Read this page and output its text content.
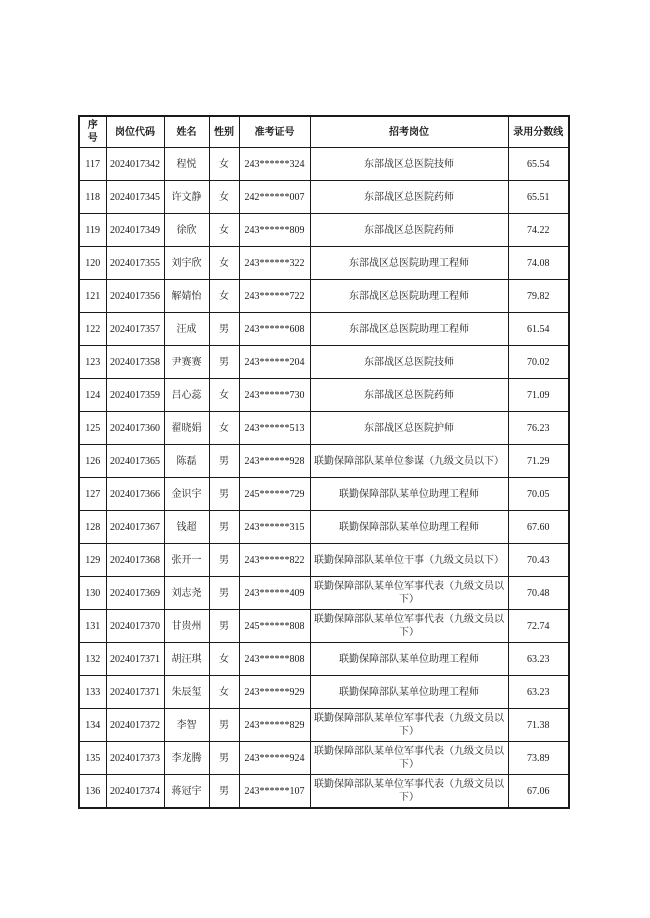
序号	岗位代码	姓名	性别	准考证号	招考岗位	录用分数线
117	2024017342	程悦	女	243******324	东部战区总医院技师	65.54
118	2024017345	许文静	女	242******007	东部战区总医院药师	65.51
119	2024017349	徐欣	女	243******809	东部战区总医院药师	74.22
120	2024017355	刘宇欣	女	243******322	东部战区总医院助理工程师	74.08
121	2024017356	解婧怡	女	243******722	东部战区总医院助理工程师	79.82
122	2024017357	汪成	男	243******608	东部战区总医院助理工程师	61.54
123	2024017358	尹赛赛	男	243******204	东部战区总医院技师	70.02
124	2024017359	吕心蕊	女	243******730	东部战区总医院药师	71.09
125	2024017360	翟晓娟	女	243******513	东部战区总医院护师	76.23
126	2024017365	陈磊	男	243******928	联勤保障部队某单位参谋（九级文员以下）	71.29
127	2024017366	金识宇	男	245******729	联勤保障部队某单位助理工程师	70.05
128	2024017367	钱超	男	243******315	联勤保障部队某单位助理工程师	67.60
129	2024017368	张开一	男	243******822	联勤保障部队某单位干事（九级文员以下）	70.43
130	2024017369	刘志尧	男	243******409	联勤保障部队某单位军事代表（九级文员以下）	70.48
131	2024017370	甘贵州	男	245******808	联勤保障部队某单位军事代表（九级文员以下）	72.74
132	2024017371	胡汪琪	女	243******808	联勤保障部队某单位助理工程师	63.23
133	2024017371	朱辰玺	女	243******929	联勤保障部队某单位助理工程师	63.23
134	2024017372	李智	男	243******829	联勤保障部队某单位军事代表（九级文员以下）	71.38
135	2024017373	李龙腾	男	243******924	联勤保障部队某单位军事代表（九级文员以下）	73.89
136	2024017374	蒋冠宇	男	243******107	联勤保障部队某单位军事代表（九级文员以下）	67.06
